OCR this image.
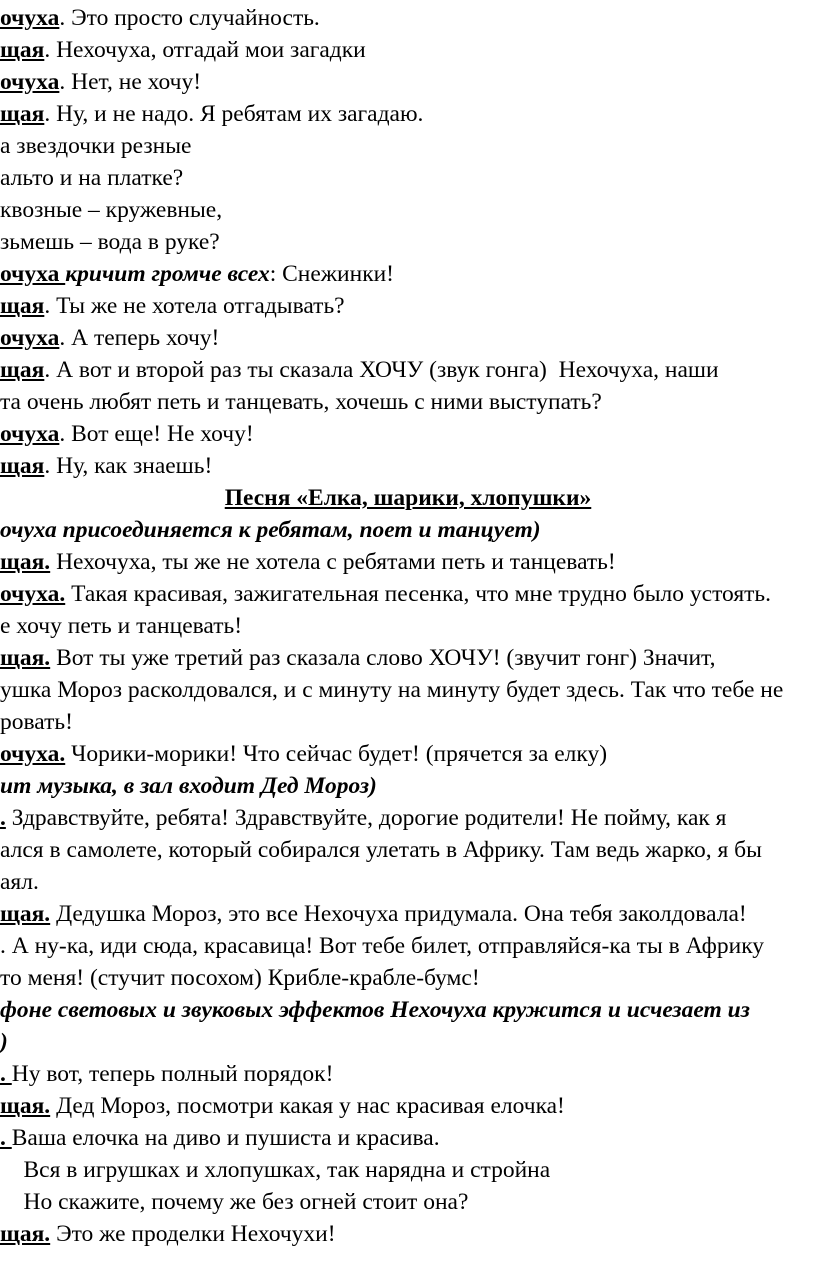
очуха. Это просто случайность.
щая. Нехочуха, отгадай мои загадки
очуха. Нет, не хочу!
щая. Ну, и не надо. Я ребятам их загадаю.
а звездочки резные
альто и на платке?
квозные – кружевные,
зьмешь – вода в руке?
очуха кричит громче всех: Снежинки!
щая. Ты же не хотела отгадывать?
очуха. А теперь хочу!
щая. А вот и второй раз ты сказала ХОЧУ (звук гонга)  Нехочуха, наши
та очень любят петь и танцевать, хочешь с ними выступать?
очуха. Вот еще! Не хочу!
щая. Ну, как знаешь!
Песня «Елка, шарики, хлопушки»
очуха присоединяется к ребятам, поет и танцует)
щая. Нехочуха, ты же не хотела с ребятами петь и танцевать!
очуха. Такая красивая, зажигательная песенка, что мне трудно было устоять.
е хочу петь и танцевать!
щая. Вот ты уже третий раз сказала слово ХОЧУ! (звучит гонг) Значит,
ушка Мороз расколдовался, и с минуту на минуту будет здесь. Так что тебе не
ровать!
очуха. Чорики-морики! Что сейчас будет! (прячется за елку)
ит музыка, в зал входит Дед Мороз)
. Здравствуйте, ребята! Здравствуйте, дорогие родители! Не пойму, как я
ался в самолете, который собирался улетать в Африку. Там ведь жарко, я бы
аял.
щая. Дедушка Мороз, это все Нехочуха придумала. Она тебя заколдовала!
. А ну-ка, иди сюда, красавица! Вот тебе билет, отправляйся-ка ты в Африку
то меня! (стучит посохом) Крибле-крабле-бумс!
фоне световых и звуковых эффектов Нехочуха кружится и исчезает из
)
. Ну вот, теперь полный порядок!
щая. Дед Мороз, посмотри какая у нас красивая елочка!
. Ваша елочка на диво и пушиста и красива.
Вся в игрушках и хлопушках, так нарядна и стройна
Но скажите, почему же без огней стоит она?
щая. Это же проделки Нехочухи!
